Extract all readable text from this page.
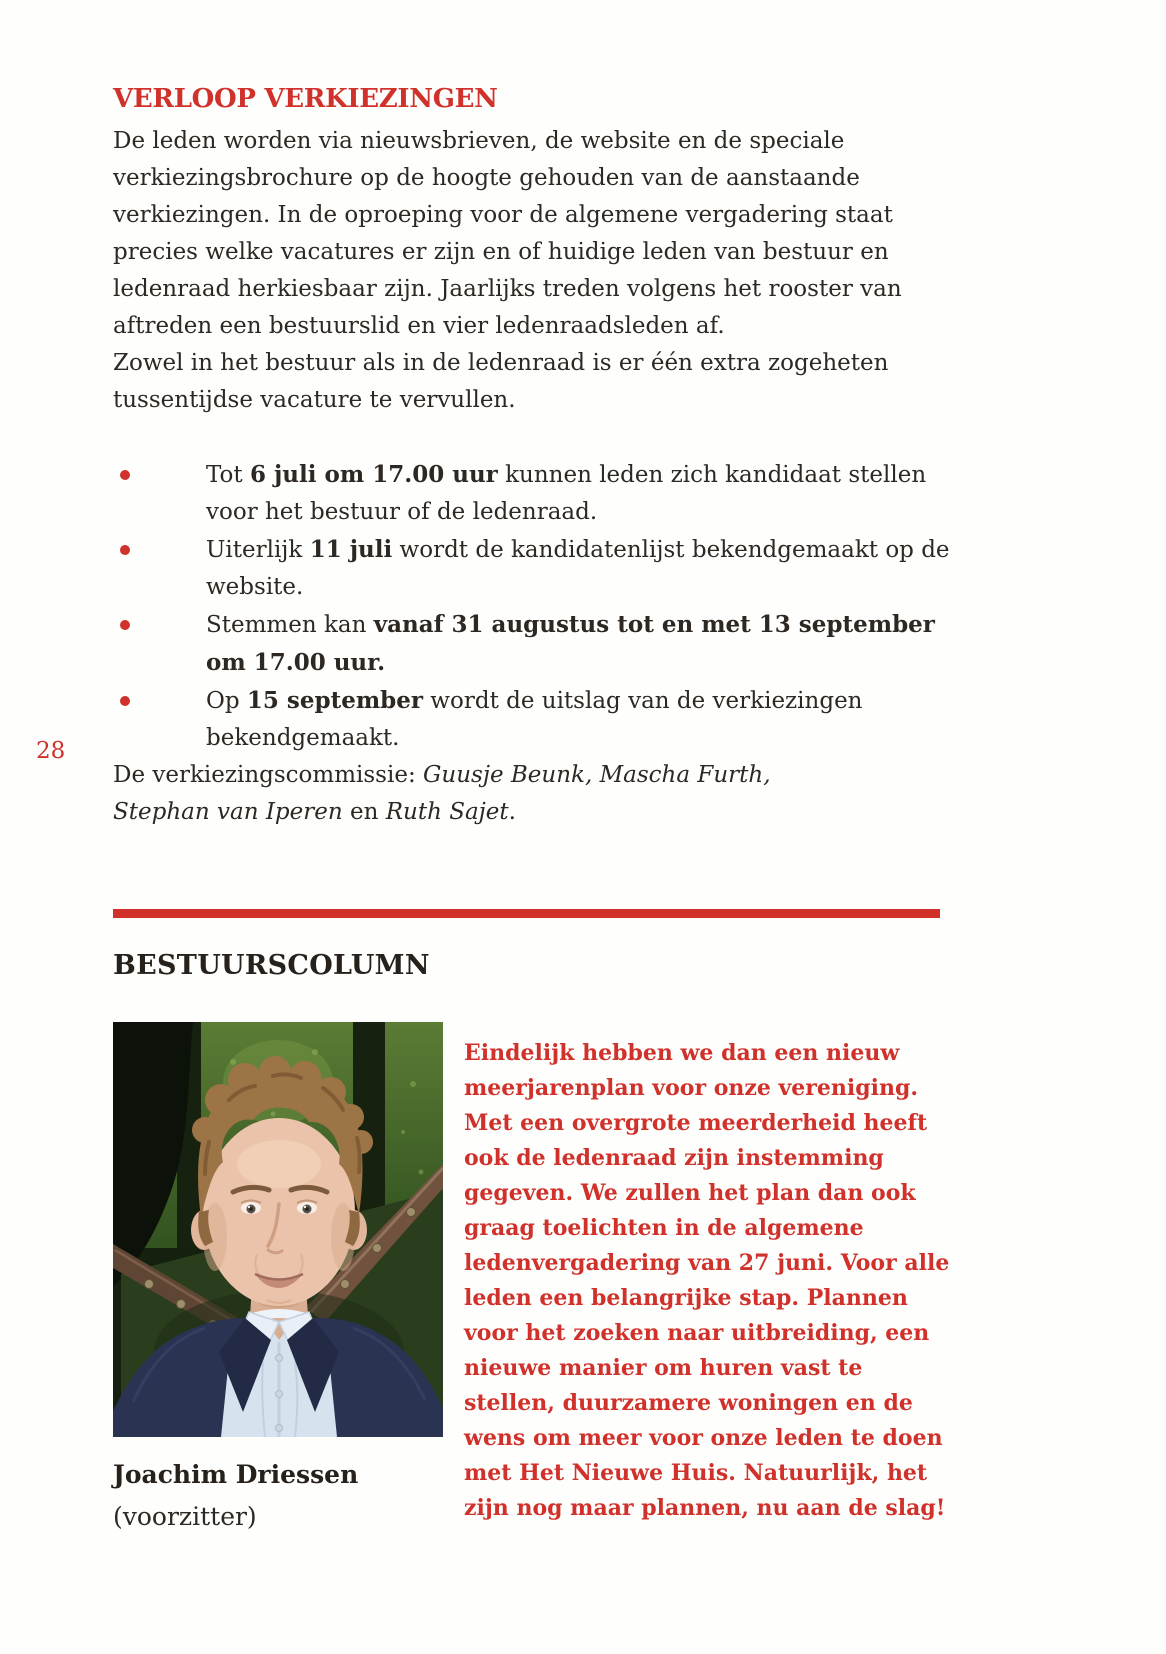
28
VERLOOP VERKIEZINGEN

De leden worden via nieuwsbrieven, de website en de speciale verkiezingsbrochure op de hoogte gehouden van de aanstaande verkiezingen. In de oproeping voor de algemene vergadering staat precies welke vacatures er zijn en of huidige leden van bestuur en ledenraad herkiesbaar zijn. Jaarlijks treden volgens het rooster van aftreden een bestuurslid en vier ledenraadsleden af.

Zowel in het bestuur als in de ledenraad is er één extra zogeheten tussentijdse vacature te vervullen.

Tot 6 juli om 17.00 uur kunnen leden zich kandidaat stellen voor het bestuur of de ledenraad.
Uiterlijk 11 juli wordt de kandidatenlijst bekendgemaakt op de website.
Stemmen kan vanaf 31 augustus tot en met 13 september om 17.00 uur.
Op 15 september wordt de uitslag van de verkiezingen bekendgemaakt.

De verkiezingscommissie: Guusje Beunk, Mascha Furth,
Stephan van Iperen en Ruth Sajet.

BESTUURSCOLUMN

Eindelijk hebben we dan een nieuw meerjarenplan voor onze vereniging. Met een overgrote meerderheid heeft ook de ledenraad zijn instemming gegeven. We zullen het plan dan ook graag toelichten in de algemene ledenvergadering van 27 juni. Voor alle leden een belangrijke stap. Plannen voor het zoeken naar uitbreiding, een nieuwe manier om huren vast te stellen, duurzamere woningen en de wens om meer voor onze leden te doen met Het Nieuwe Huis. Natuurlijk, het zijn nog maar plannen, nu aan de slag!

Joachim Driessen
(voorzitter)
